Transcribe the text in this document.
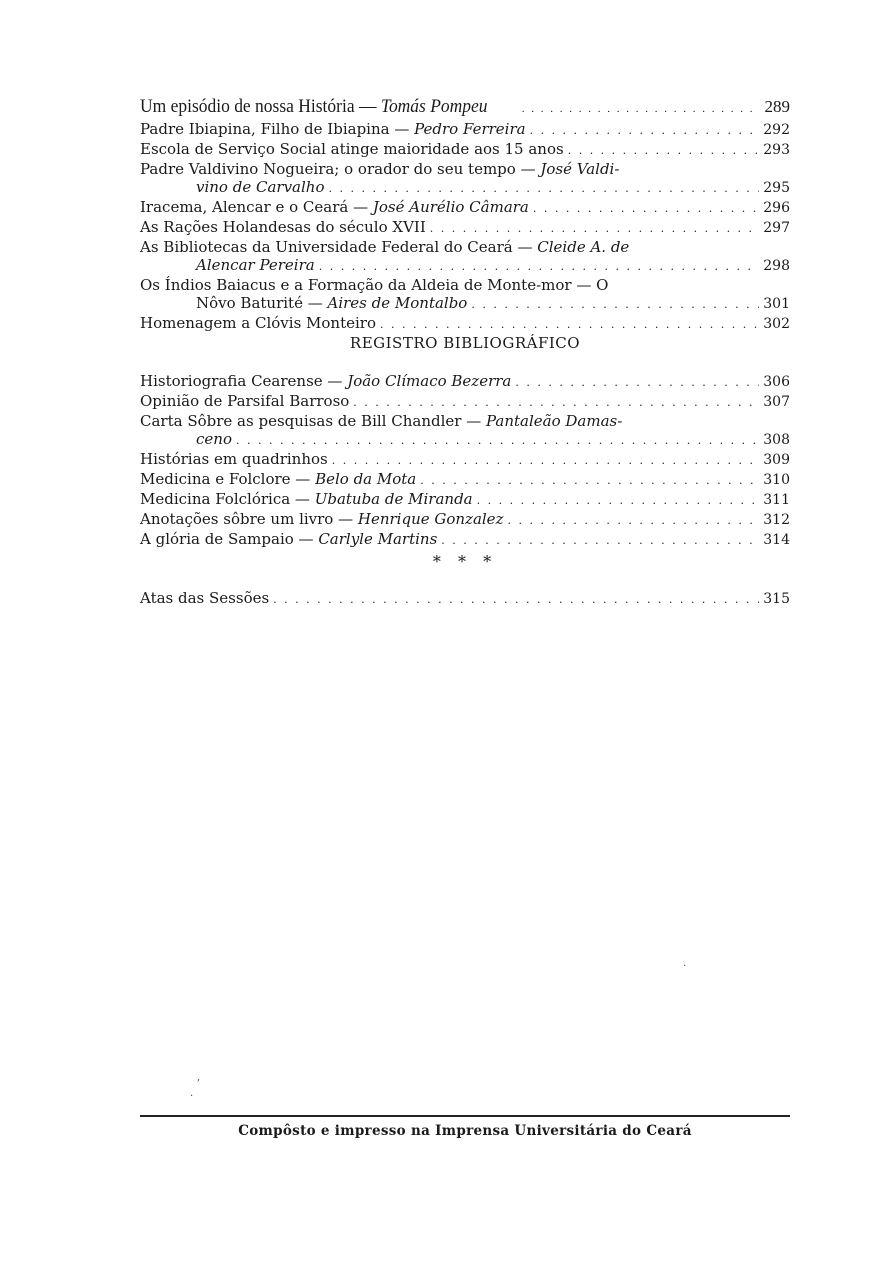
Um episódio de nossa História — Tomás Pompeu . . .	289
Padre Ibiapina, Filho de Ibiapina — Pedro Ferreira . . .	292
Escola de Serviço Social atinge maioridade aos 15 anos . . .	293
Padre Valdivino Nogueira; o orador do seu tempo — José Valdi-
vino de Carvalho . . .	295
Iracema, Alencar e o Ceará — José Aurélio Câmara . . .	296
As Rações Holandesas do século XVII . . .	297
As Bibliotecas da Universidade Federal do Ceará — Cleide A. de
Alencar Pereira . . .	298
Os Índios Baiacus e a Formação da Aldeia de Monte-mor — O
Nôvo Baturité — Aires de Montalbo . . .	301
Homenagem a Clóvis Monteiro . . .	302
REGISTRO BIBLIOGRÁFICO
Historiografia Cearense — João Clímaco Bezerra . . .	306
Opinião de Parsifal Barroso . . .	307
Carta Sôbre as pesquisas de Bill Chandler — Pantaleão Damas-
ceno . . .	308
Histórias em quadrinhos . . .	309
Medicina e Folclore — Belo da Mota . . .	310
Medicina Folclórica — Ubatuba de Miranda . . .	311
Anotações sôbre um livro — Henrique Gonzalez . . .	312
A glória de Sampaio — Carlyle Martins . . .	314
* * *
Atas das Sessões . . .	315
Compôsto e impresso na Imprensa Universitária do Ceará
.
,
.
